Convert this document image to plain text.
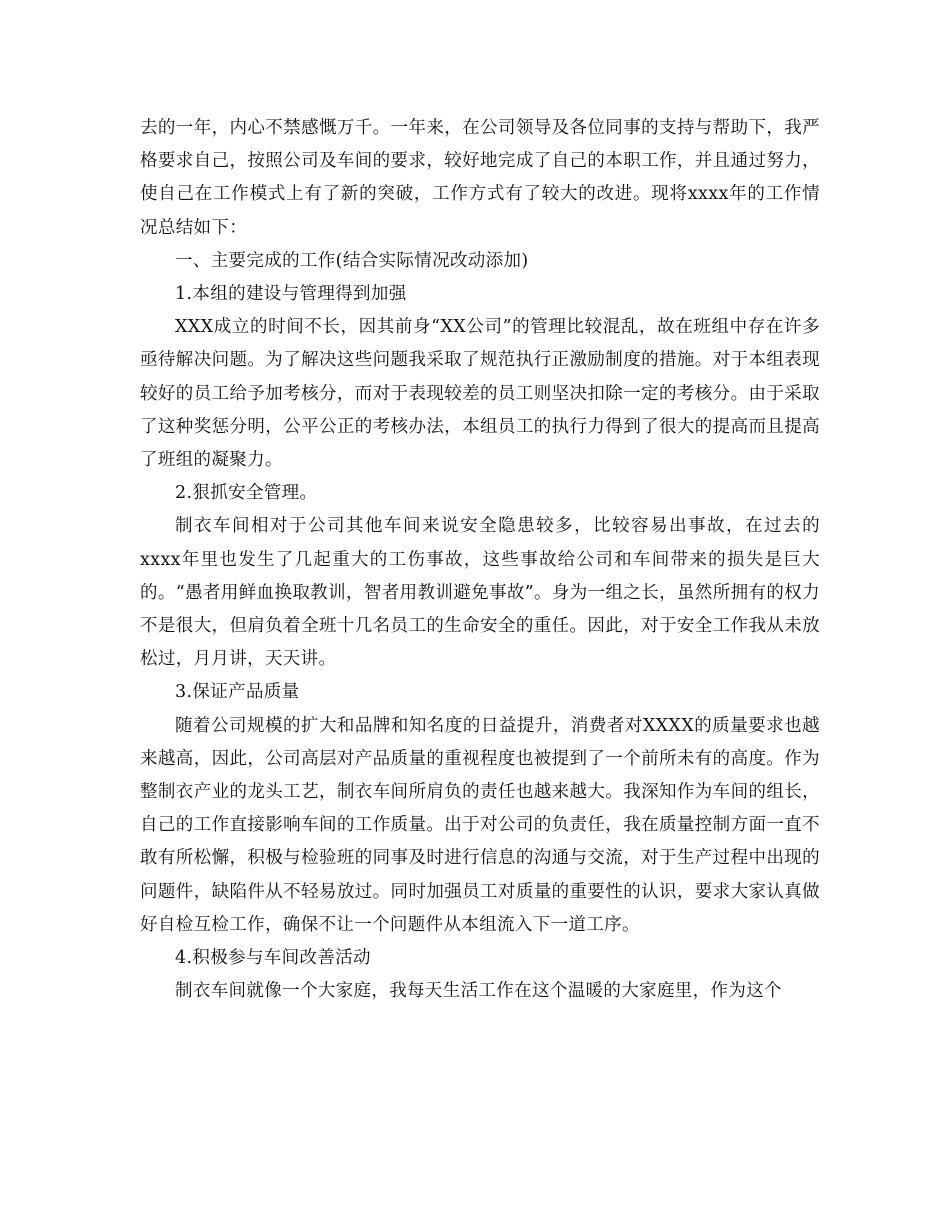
去的一年，内心不禁感慨万千。一年来，在公司领导及各位同事的支持与帮助下，我严格要求自己，按照公司及车间的要求，较好地完成了自己的本职工作，并且通过努力，使自己在工作模式上有了新的突破，工作方式有了较大的改进。现将xxxx年的工作情况总结如下：

一、主要完成的工作(结合实际情况改动添加)

1.本组的建设与管理得到加强

XXX成立的时间不长，因其前身“XX公司”的管理比较混乱，故在班组中存在许多亟待解决问题。为了解决这些问题我采取了规范执行正激励制度的措施。对于本组表现较好的员工给予加考核分，而对于表现较差的员工则坚决扣除一定的考核分。由于采取了这种奖惩分明，公平公正的考核办法，本组员工的执行力得到了很大的提高而且提高了班组的凝聚力。

2.狠抓安全管理。

制衣车间相对于公司其他车间来说安全隐患较多，比较容易出事故，在过去的xxxx年里也发生了几起重大的工伤事故，这些事故给公司和车间带来的损失是巨大的。“愚者用鲜血换取教训，智者用教训避免事故”。身为一组之长，虽然所拥有的权力不是很大，但肩负着全班十几名员工的生命安全的重任。因此，对于安全工作我从未放松过，月月讲，天天讲。

3.保证产品质量

随着公司规模的扩大和品牌和知名度的日益提升，消费者对XXXX的质量要求也越来越高，因此，公司高层对产品质量的重视程度也被提到了一个前所未有的高度。作为整制衣产业的龙头工艺，制衣车间所肩负的责任也越来越大。我深知作为车间的组长，自己的工作直接影响车间的工作质量。出于对公司的负责任，我在质量控制方面一直不敢有所松懈，积极与检验班的同事及时进行信息的沟通与交流，对于生产过程中出现的问题件，缺陷件从不轻易放过。同时加强员工对质量的重要性的认识，要求大家认真做好自检互检工作，确保不让一个问题件从本组流入下一道工序。

4.积极参与车间改善活动

制衣车间就像一个大家庭，我每天生活工作在这个温暖的大家庭里，作为这个
